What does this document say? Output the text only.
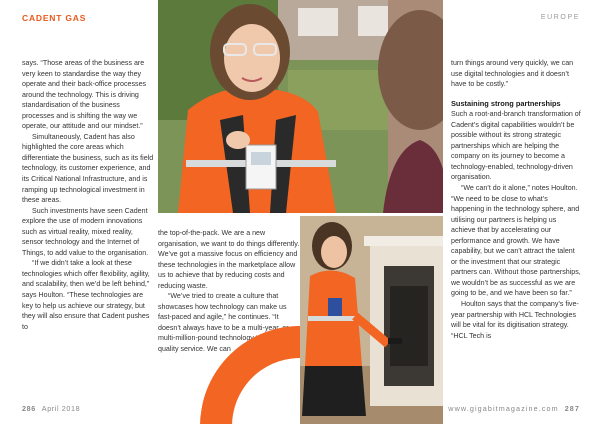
CADENT GAS	EUROPE

says. “Those areas of the business are very keen to standardise the way they operate and their back-office processes around the technology. This is driving standardisation of the business processes and is shifting the way we operate, our attitude and our mindset.”

Simultaneously, Cadent has also highlighted the core areas which differentiate the business, such as its field technology, its customer experience, and its Critical National Infrastructure, and is ramping up technological investment in these areas.

Such investments have seen Cadent explore the use of modern innovations such as virtual reality, mixed reality, sensor technology and the Internet of Things, to add value to the organisation.

“If we didn’t take a look at these technologies which offer flexibility, agility, and scalability, then we’d be left behind,” says Houlton. “These technologies are key to help us achieve our strategy, but they will also ensure that Cadent pushes to

the top-of-the-pack. We are a new organisation, we want to do things differently. We’ve got a massive focus on efficiency and these technologies in the marketplace allow us to achieve that by reducing costs and reducing waste.

“We’ve tried to create a culture that showcases how technology can make us fast-paced and agile,” he continues. “It doesn’t always have to be a multi-year, or multi-million-pound technology to deliver a quality service. We can

turn things around very quickly, we can use digital technologies and it doesn’t have to be costly.”

Sustaining strong partnerships

Such a root-and-branch transformation of Cadent’s digital capabilities wouldn’t be possible without its strong strategic partnerships which are helping the company on its journey to become a technology-enabled, technology-driven organisation.

“We can’t do it alone,” notes Houlton. “We need to be close to what’s happening in the technology sphere, and utilising our partners is helping us achieve that by accelerating our performance and growth. We have capability, but we can’t attract the talent or the investment that our strategic partners can. Without those partnerships, we wouldn’t be as successful as we are going to be, and we have been so far.”

Houlton says that the company’s five-year partnership with HCL Technologies will be vital for its digitisation strategy. “HCL Tech is

286 April 2018	www.gigabitmagazine.com 287
